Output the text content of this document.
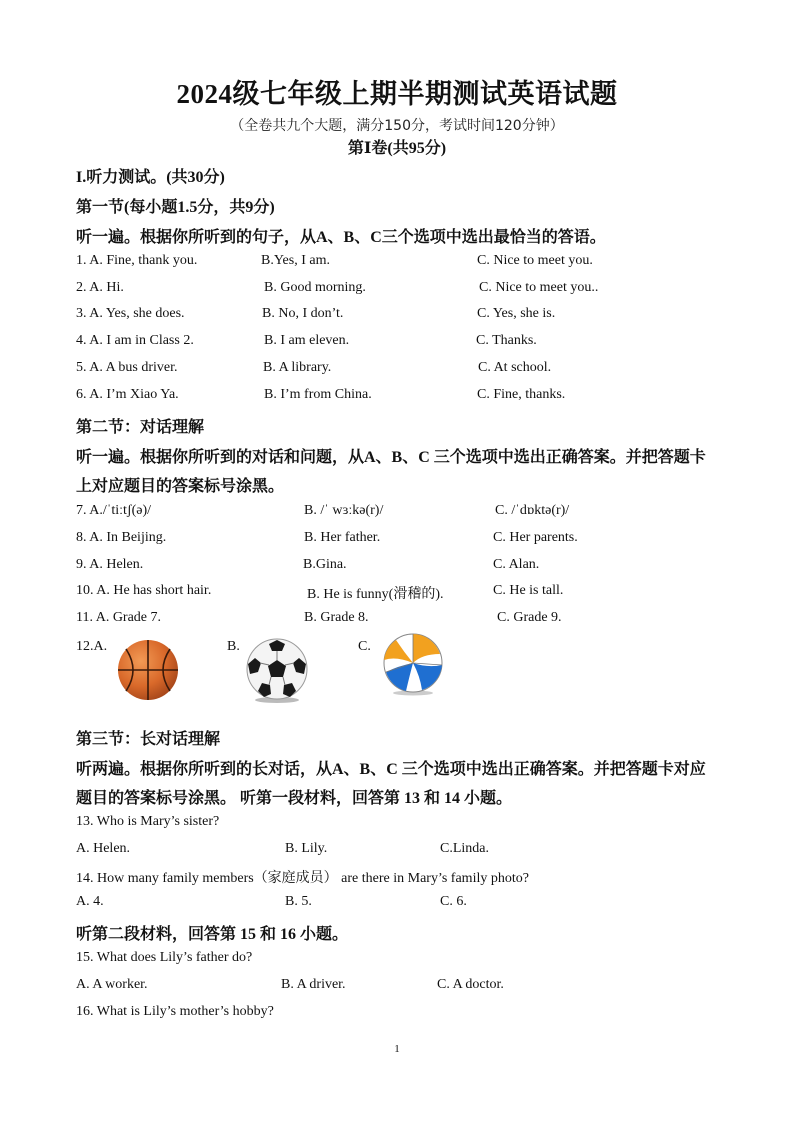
2024级七年级上期半期测试英语试题
（全卷共九个大题，满分150分，考试时间120分钟）
第Ⅰ卷(共95分)
I.听力测试。(共30分)
第一节(每小题1.5分，共9分)
听一遍。根据你所听到的句子，从A、B、C三个选项中选出最恰当的答语。
1. A. Fine, thank you.	B.Yes, I am.	C. Nice to meet you.
2. A. Hi.	B. Good morning.	C. Nice to meet you..
3. A. Yes, she does.	B. No, I don’t.	C. Yes, she is.
4. A. I am in Class 2.	B. I am eleven.	C. Thanks.
5. A. A bus driver.	B. A library.	C. At school.
6. A. I’m Xiao Ya.	B. I’m from China.	C. Fine, thanks.
第二节：对话理解
听一遍。根据你所听到的对话和问题，从A、B、C 三个选项中选出正确答案。并把答题卡
上对应题目的答案标号涂黑。
7. A./ˈtiːtʃ(ə)/	B. /ˈ wɜːkə(r)/	C. /ˈdɒktə(r)/
8. A. In Beijing.	B. Her father.	C. Her parents.
9. A. Helen.	B.Gina.	C. Alan.
10. A. He has short hair.	B. He is funny(滑稽的).	C. He is tall.
11. A. Grade 7.	B. Grade 8.	C. Grade 9.
12.A.	B.	C.
第三节：长对话理解
听两遍。根据你所听到的长对话，从A、B、C 三个选项中选出正确答案。并把答题卡对应
题目的答案标号涂黑。 听第一段材料，回答第 13 和 14 小题。
13. Who is Mary’s sister?
A. Helen.	B. Lily.	C.Linda.
14. How many family members（家庭成员） are there in Mary’s family photo?
A. 4.	B. 5.	C. 6.
听第二段材料，回答第 15 和 16 小题。
15. What does Lily’s father do?
A. A worker.	B. A driver.	C. A doctor.
16. What is Lily’s mother’s hobby?
1
